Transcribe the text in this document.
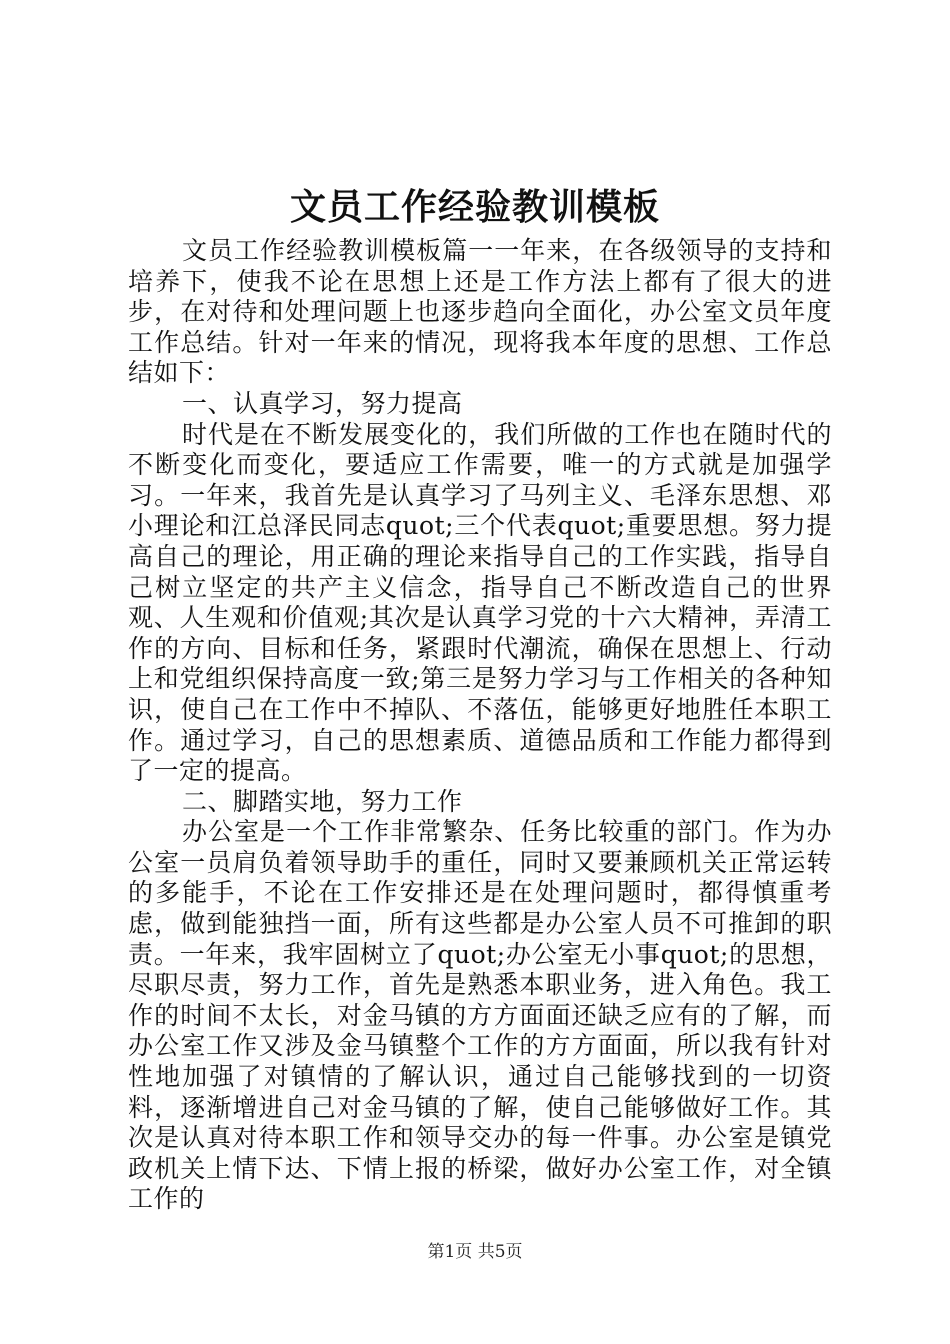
文员工作经验教训模板

文员工作经验教训模板篇一一年来，在各级领导的支持和培养下，使我不论在思想上还是工作方法上都有了很大的进步，在对待和处理问题上也逐步趋向全面化，办公室文员年度工作总结。针对一年来的情况，现将我本年度的思想、工作总结如下：

一、认真学习，努力提高

时代是在不断发展变化的，我们所做的工作也在随时代的不断变化而变化，要适应工作需要，唯一的方式就是加强学习。一年来，我首先是认真学习了马列主义、毛泽东思想、邓小理论和江总泽民同志quot;三个代表quot;重要思想。努力提高自己的理论，用正确的理论来指导自己的工作实践，指导自己树立坚定的共产主义信念，指导自己不断改造自己的世界观、人生观和价值观;其次是认真学习党的十六大精神，弄清工作的方向、目标和任务，紧跟时代潮流，确保在思想上、行动上和党组织保持高度一致;第三是努力学习与工作相关的各种知识，使自己在工作中不掉队、不落伍，能够更好地胜任本职工作。通过学习，自己的思想素质、道德品质和工作能力都得到了一定的提高。

二、脚踏实地，努力工作

办公室是一个工作非常繁杂、任务比较重的部门。作为办公室一员肩负着领导助手的重任，同时又要兼顾机关正常运转的多能手，不论在工作安排还是在处理问题时，都得慎重考虑，做到能独挡一面，所有这些都是办公室人员不可推卸的职责。一年来，我牢固树立了quot;办公室无小事quot;的思想，尽职尽责，努力工作，首先是熟悉本职业务，进入角色。我工作的时间不太长，对金马镇的方方面面还缺乏应有的了解，而办公室工作又涉及金马镇整个工作的方方面面，所以我有针对性地加强了对镇情的了解认识，通过自己能够找到的一切资料，逐渐增进自己对金马镇的了解，使自己能够做好工作。其次是认真对待本职工作和领导交办的每一件事。办公室是镇党政机关上情下达、下情上报的桥梁，做好办公室工作，对全镇工作的

第1页 共5页
